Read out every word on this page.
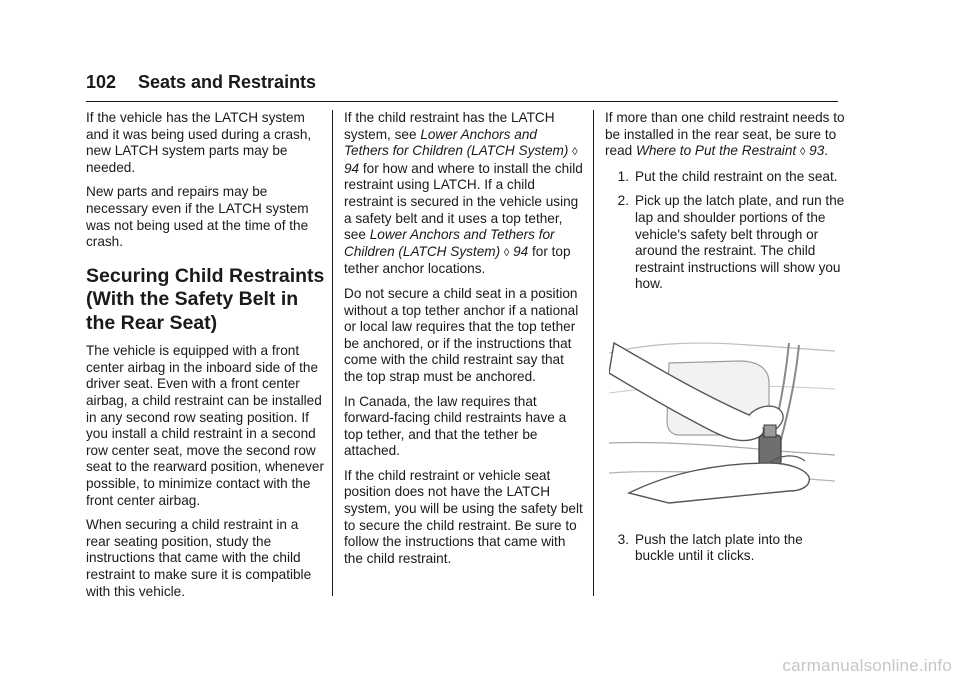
102 Seats and Restraints

If the vehicle has the LATCH system and it was being used during a crash, new LATCH system parts may be needed.

New parts and repairs may be necessary even if the LATCH system was not being used at the time of the crash.

Securing Child Restraints (With the Safety Belt in the Rear Seat)

The vehicle is equipped with a front center airbag in the inboard side of the driver seat. Even with a front center airbag, a child restraint can be installed in any second row seating position. If you install a child restraint in a second row center seat, move the second row seat to the rearward position, whenever possible, to minimize contact with the front center airbag.

When securing a child restraint in a rear seating position, study the instructions that came with the child restraint to make sure it is compatible with this vehicle.

If the child restraint has the LATCH system, see Lower Anchors and Tethers for Children (LATCH System) ◊ 94 for how and where to install the child restraint using LATCH. If a child restraint is secured in the vehicle using a safety belt and it uses a top tether, see Lower Anchors and Tethers for Children (LATCH System) ◊ 94 for top tether anchor locations.

Do not secure a child seat in a position without a top tether anchor if a national or local law requires that the top tether be anchored, or if the instructions that come with the child restraint say that the top strap must be anchored.

In Canada, the law requires that forward-facing child restraints have a top tether, and that the tether be attached.

If the child restraint or vehicle seat position does not have the LATCH system, you will be using the safety belt to secure the child restraint. Be sure to follow the instructions that came with the child restraint.

If more than one child restraint needs to be installed in the rear seat, be sure to read Where to Put the Restraint ◊ 93.

1. Put the child restraint on the seat.
2. Pick up the latch plate, and run the lap and shoulder portions of the vehicle's safety belt through or around the restraint. The child restraint instructions will show you how.
3. Push the latch plate into the buckle until it clicks.
carmanualsonline.info
